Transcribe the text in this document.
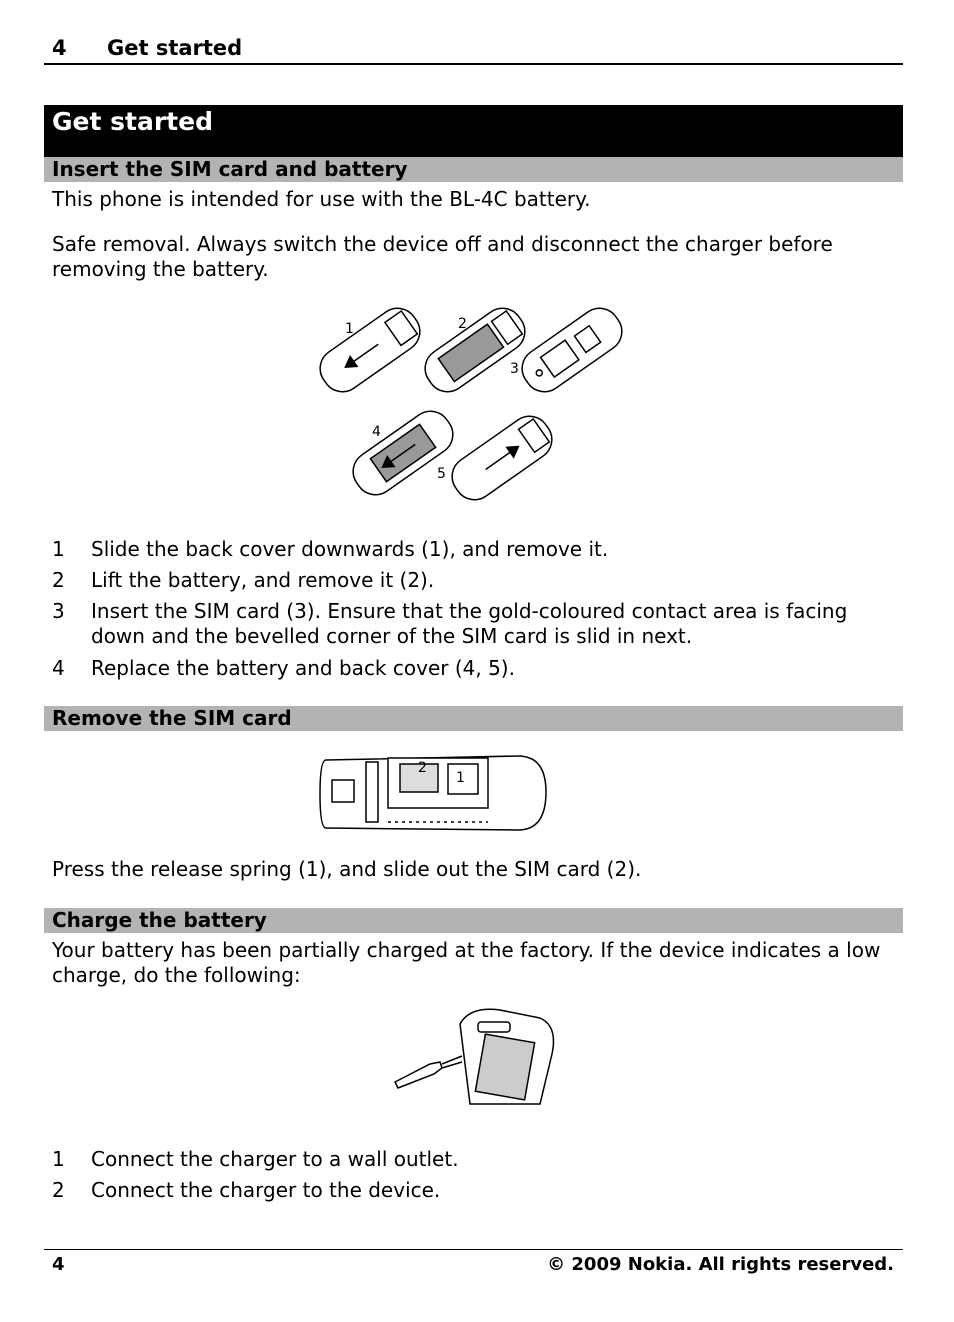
4 Get started
Get started
Insert the SIM card and battery
This phone is intended for use with the BL-4C battery.
Safe removal. Always switch the device off and disconnect the charger before removing the battery.
1	2
3
4
5
1 Slide the back cover downwards (1), and remove it.
2 Lift the battery, and remove it (2).
3 Insert the SIM card (3). Ensure that the gold-coloured contact area is facing down and the bevelled corner of the SIM card is slid in next.
4 Replace the battery and back cover (4, 5).
Remove the SIM card
2
1
Press the release spring (1), and slide out the SIM card (2).
Charge the battery
Your battery has been partially charged at the factory. If the device indicates a low charge, do the following:
1 Connect the charger to a wall outlet.
2 Connect the charger to the device.
4	© 2009 Nokia. All rights reserved.
